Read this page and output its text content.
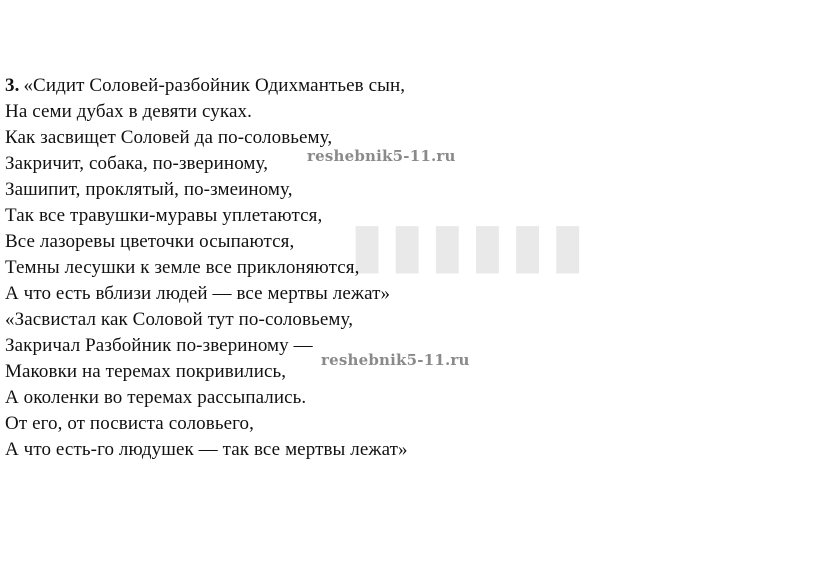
▮▮▮▮▮▮
3. «Сидит Соловей-разбойник Одихмантьев сын,
На семи дубах в девяти суках.
Как засвищет Соловей да по-соловьему,
Закричит, собака, по-звериному,
Зашипит, проклятый, по-змеиному,
Так все травушки-муравы уплетаются,
Все лазоревы цветочки осыпаются,
Темны лесушки к земле все приклоняются,
А что есть вблизи людей — все мертвы лежат»
«Засвистал как Соловой тут по-соловьему,
Закричал Разбойник по-звериному —
Маковки на теремах покривились,
А околенки во теремах рассыпались.
От его, от посвиста соловьего,
А что есть-го людушек — так все мертвы лежат»
reshebnik5-11.ru
reshebnik5-11.ru
